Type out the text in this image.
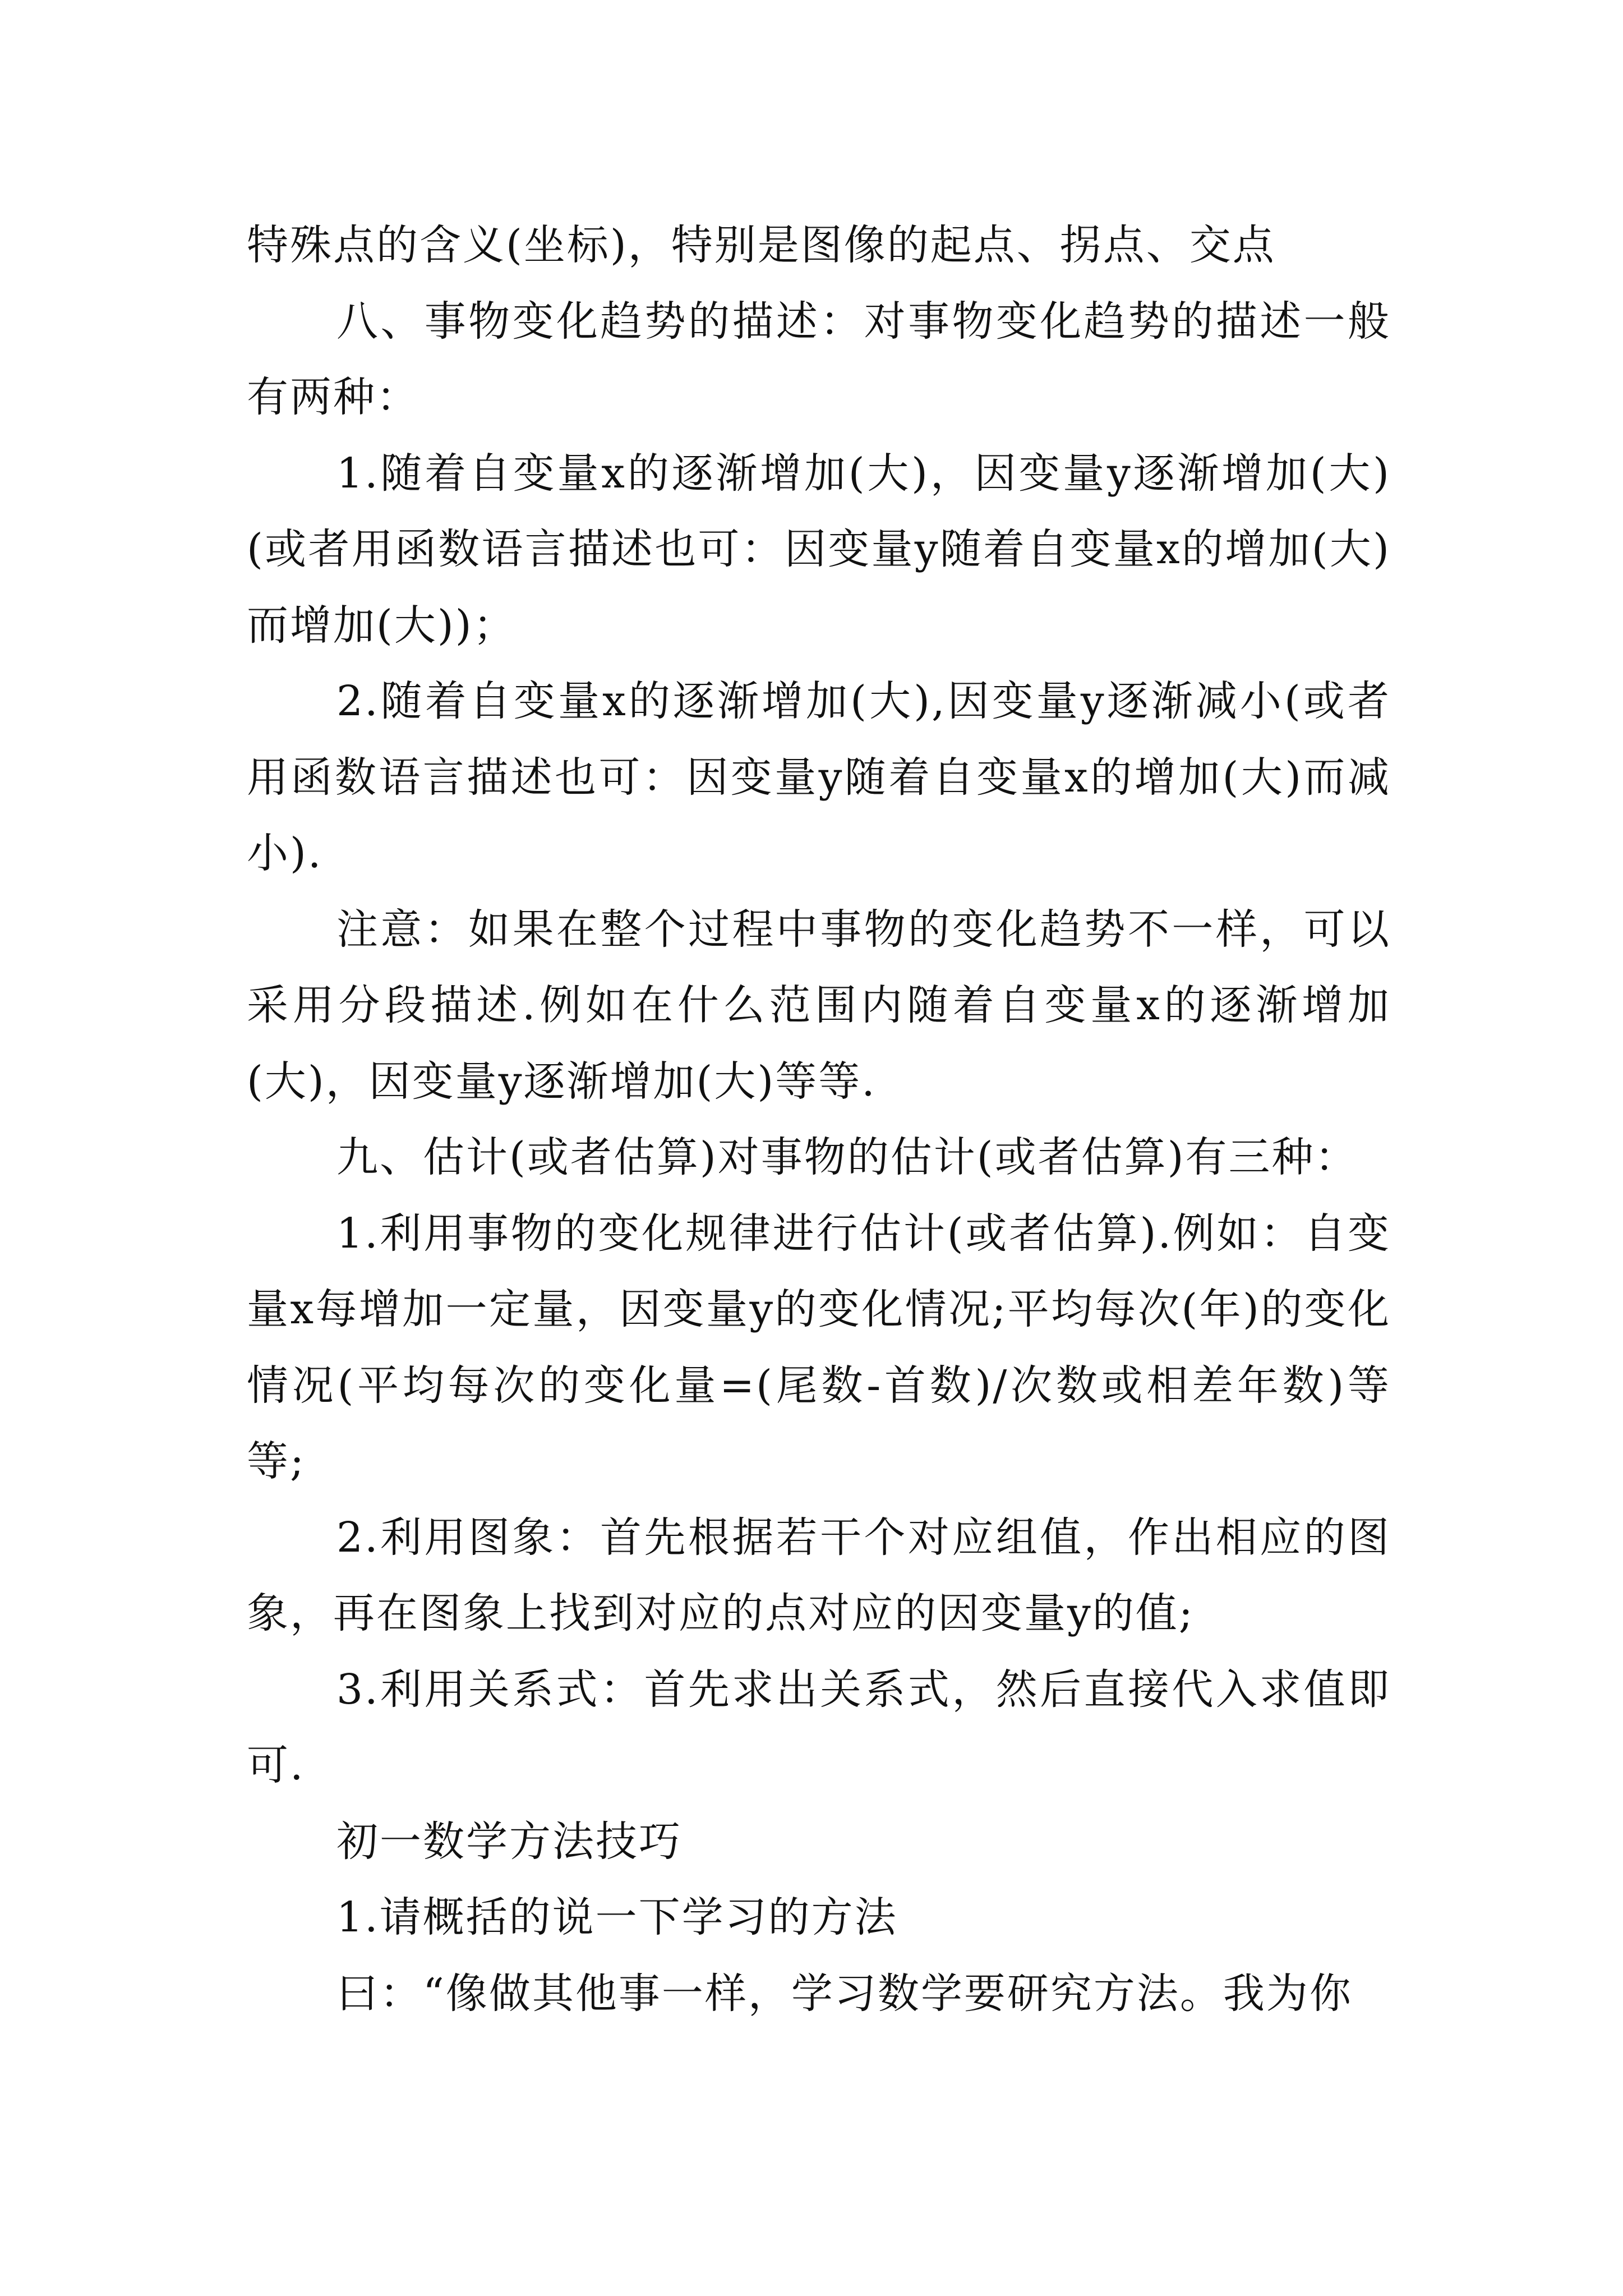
特殊点的含义(坐标)，特别是图像的起点、拐点、交点

八、事物变化趋势的描述：对事物变化趋势的描述一般有两种：

1.随着自变量x的逐渐增加(大)，因变量y逐渐增加(大)(或者用函数语言描述也可：因变量y随着自变量x的增加(大)而增加(大))；

2.随着自变量x的逐渐增加(大),因变量y逐渐减小(或者用函数语言描述也可：因变量y随着自变量x的增加(大)而减小).

注意：如果在整个过程中事物的变化趋势不一样，可以采用分段描述.例如在什么范围内随着自变量x的逐渐增加(大)，因变量y逐渐增加(大)等等.

九、估计(或者估算)对事物的估计(或者估算)有三种：

1.利用事物的变化规律进行估计(或者估算).例如：自变量x每增加一定量，因变量y的变化情况;平均每次(年)的变化情况(平均每次的变化量=(尾数-首数)/次数或相差年数)等等;

2.利用图象：首先根据若干个对应组值，作出相应的图象，再在图象上找到对应的点对应的因变量y的值;

3.利用关系式：首先求出关系式，然后直接代入求值即可.

初一数学方法技巧

1.请概括的说一下学习的方法

曰：“像做其他事一样，学习数学要研究方法。我为你
